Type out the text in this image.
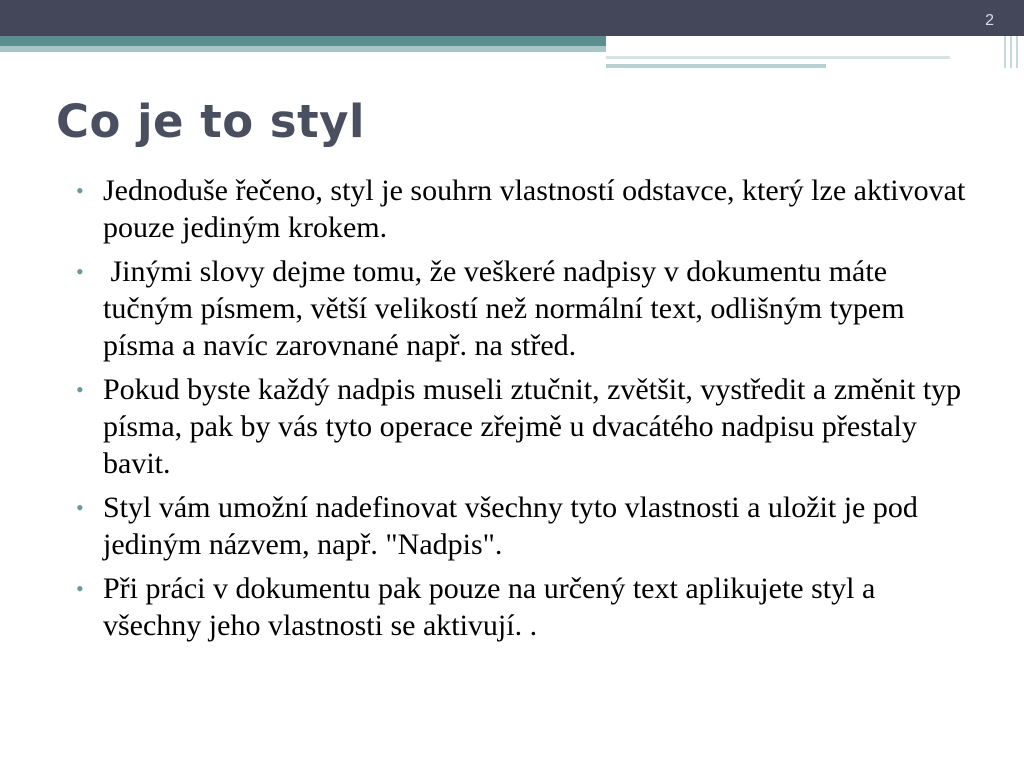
2
Co je to styl
• Jednoduše řečeno, styl je souhrn vlastností odstavce, který lze aktivovat pouze jediným krokem.
• Jinými slovy dejme tomu, že veškeré nadpisy v dokumentu máte tučným písmem, větší velikostí než normální text, odlišným typem písma a navíc zarovnané např. na střed.
• Pokud byste každý nadpis museli ztučnit, zvětšit, vystředit a změnit typ písma, pak by vás tyto operace zřejmě u dvacátého nadpisu přestaly bavit.
• Styl vám umožní nadefinovat všechny tyto vlastnosti a uložit je pod jediným názvem, např. "Nadpis".
• Při práci v dokumentu pak pouze na určený text aplikujete styl a všechny jeho vlastnosti se aktivují. .
